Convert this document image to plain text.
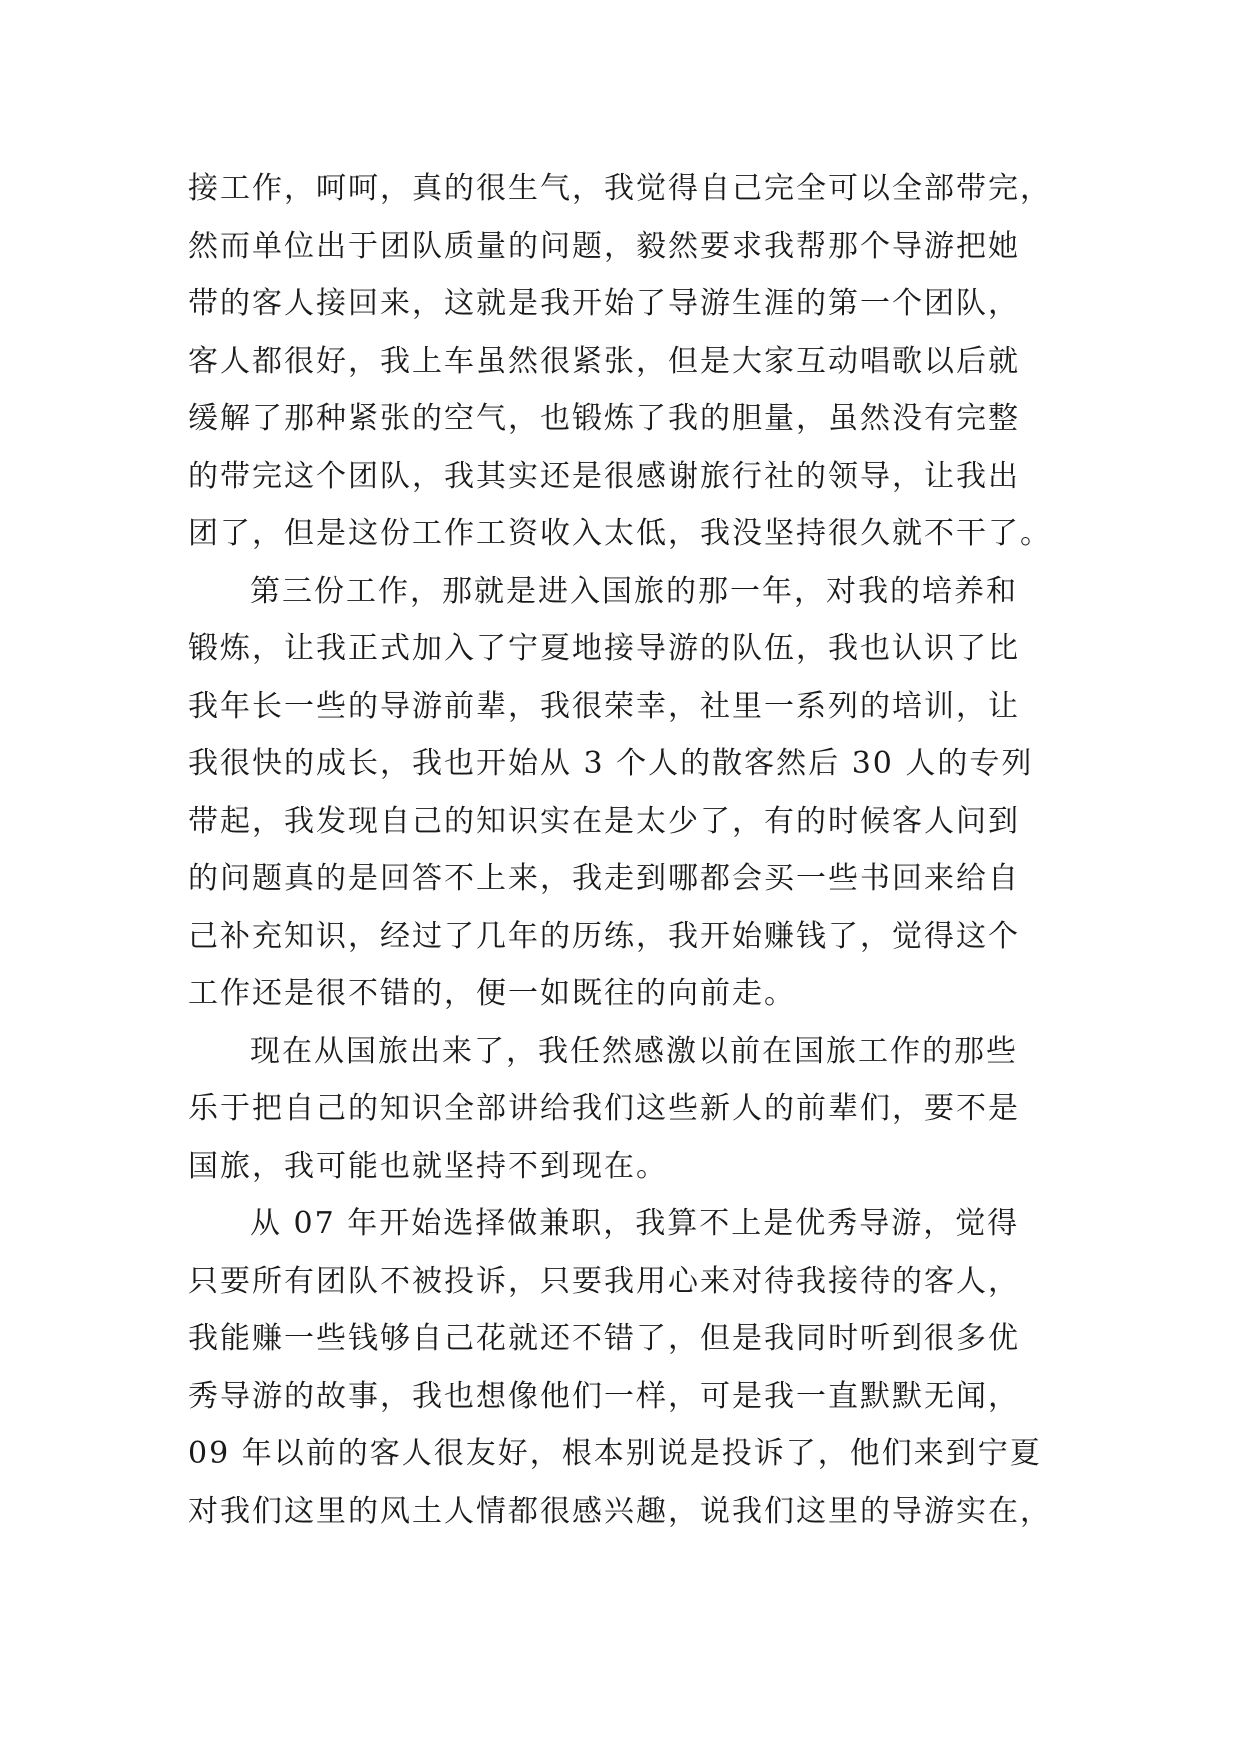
接工作，呵呵，真的很生气，我觉得自己完全可以全部带完，
然而单位出于团队质量的问题，毅然要求我帮那个导游把她
带的客人接回来，这就是我开始了导游生涯的第一个团队，
客人都很好，我上车虽然很紧张，但是大家互动唱歌以后就
缓解了那种紧张的空气，也锻炼了我的胆量，虽然没有完整
的带完这个团队，我其实还是很感谢旅行社的领导，让我出
团了，但是这份工作工资收入太低，我没坚持很久就不干了。
第三份工作，那就是进入国旅的那一年，对我的培养和
锻炼，让我正式加入了宁夏地接导游的队伍，我也认识了比
我年长一些的导游前辈，我很荣幸，社里一系列的培训，让
我很快的成长，我也开始从 3 个人的散客然后 30 人的专列
带起，我发现自己的知识实在是太少了，有的时候客人问到
的问题真的是回答不上来，我走到哪都会买一些书回来给自
己补充知识，经过了几年的历练，我开始赚钱了，觉得这个
工作还是很不错的，便一如既往的向前走。
现在从国旅出来了，我任然感激以前在国旅工作的那些
乐于把自己的知识全部讲给我们这些新人的前辈们，要不是
国旅，我可能也就坚持不到现在。
从 07 年开始选择做兼职，我算不上是优秀导游，觉得
只要所有团队不被投诉，只要我用心来对待我接待的客人，
我能赚一些钱够自己花就还不错了，但是我同时听到很多优
秀导游的故事，我也想像他们一样，可是我一直默默无闻，
09 年以前的客人很友好，根本别说是投诉了，他们来到宁夏
对我们这里的风土人情都很感兴趣，说我们这里的导游实在，
